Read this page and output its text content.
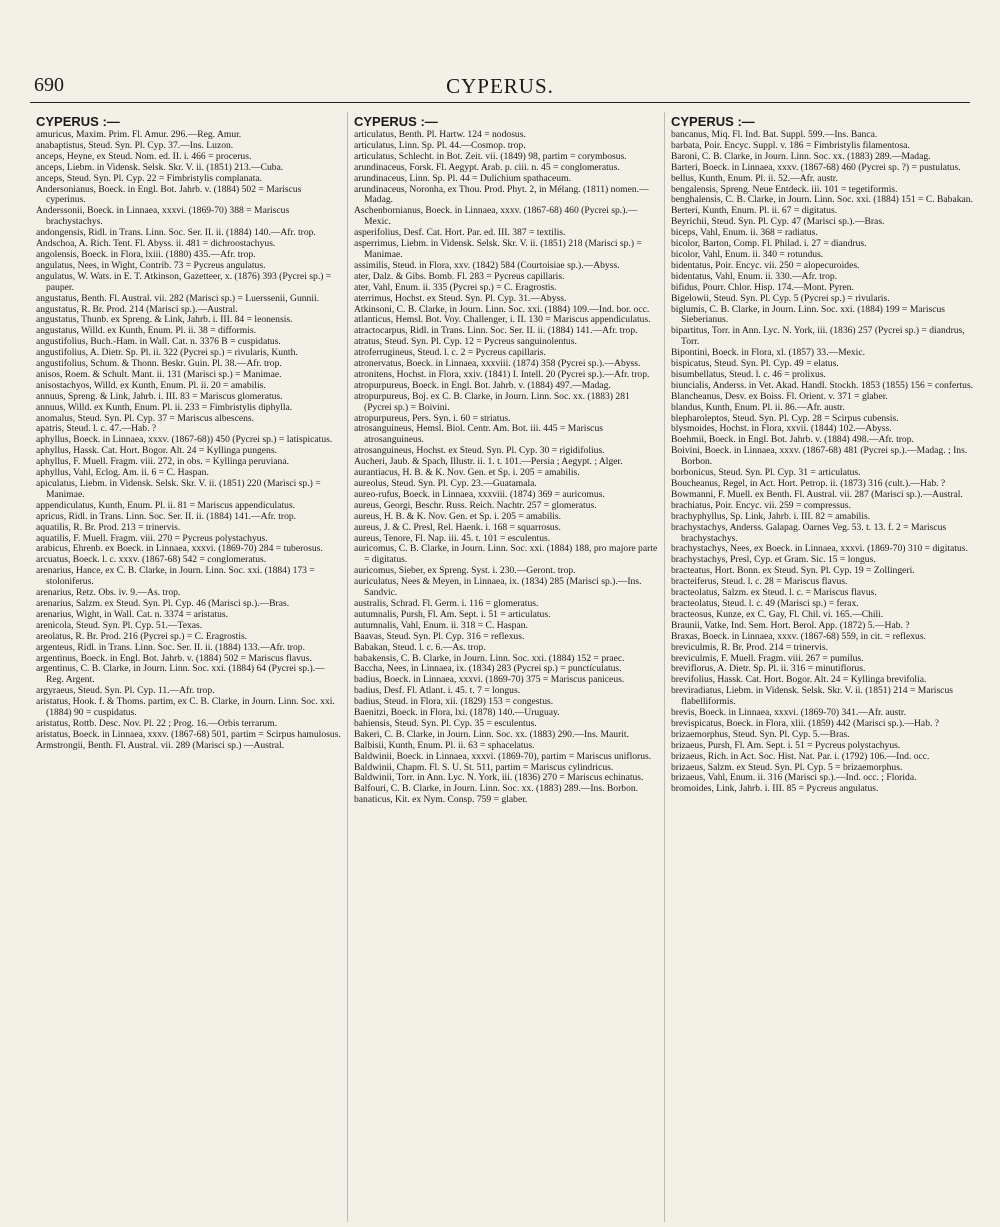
690	CYPERUS.
CYPERUS :—

amuricus, Maxim. Prim. Fl. Amur. 296.—Reg. Amur.

anabaptistus, Steud. Syn. Pl. Cyp. 37.—Ins. Luzon.

anceps, Heyne, ex Steud. Nom. ed. II. i. 466 = procerus.

anceps, Liebm. in Vidensk. Selsk. Skr. V. ii. (1851) 213.—Cuba.

anceps, Steud. Syn. Pl. Cyp. 22 = Fimbristylis complanata.

Andersonianus, Boeck. in Engl. Bot. Jahrb. v. (1884) 502 = Mariscus cyperinus.

Anderssonii, Boeck. in Linnaea, xxxvi. (1869-70) 388 = Mariscus brachystachys.

andongensis, Ridl. in Trans. Linn. Soc. Ser. II. ii. (1884) 140.—Afr. trop.

Andschoa, A. Rich. Tent. Fl. Abyss. ii. 481 = dichroostachyus.

angolensis, Boeck. in Flora, lxiii. (1880) 435.—Afr. trop.

angulatus, Nees, in Wight, Contrib. 73 = Pycreus angulatus.

angulatus, W. Wats. in E. T. Atkinson, Gazetteer, x. (1876) 393 (Pycrei sp.) = pauper.

angustatus, Benth. Fl. Austral. vii. 282 (Marisci sp.) = Luerssenii, Gunnii.

angustatus, R. Br. Prod. 214 (Marisci sp.).—Austral.

angustatus, Thunb. ex Spreng. & Link, Jahrb. i. III. 84 = leonensis.

angustatus, Willd. ex Kunth, Enum. Pl. ii. 38 = difformis.

angustifolius, Buch.-Ham. in Wall. Cat. n. 3376 B = cuspidatus.

angustifolius, A. Dietr. Sp. Pl. ii. 322 (Pycrei sp.) = rivularis, Kunth.

angustifolius, Schum. & Thonn. Beskr. Guin. Pl. 38.—Afr. trop.

anisos, Roem. & Schult. Mant. ii. 131 (Marisci sp.) = Manimae.

anisostachyos, Willd. ex Kunth, Enum. Pl. ii. 20 = amabilis.

annuus, Spreng. & Link, Jahrb. i. III. 83 = Mariscus glomeratus.

annuus, Willd. ex Kunth, Enum. Pl. ii. 233 = Fimbristylis diphylla.

anomalus, Steud. Syn. Pl. Cyp. 37 = Mariscus albescens.

apatris, Steud. l. c. 47.—Hab. ?

aphyllus, Boeck. in Linnaea, xxxv. (1867-68)) 450 (Pycrei sp.) = latispicatus.

aphyllus, Hassk. Cat. Hort. Bogor. Alt. 24 = Kyllinga pungens.

aphyllus, F. Muell. Fragm. viii. 272, in obs. = Kyllinga peruviana.

aphyllus, Vahl, Eclog. Am. ii. 6 = C. Haspan.

apiculatus, Liebm. in Vidensk. Selsk. Skr. V. ii. (1851) 220 (Marisci sp.) = Manimae.

appendiculatus, Kunth, Enum. Pl. ii. 81 = Mariscus appendiculatus.

apricus, Ridl. in Trans. Linn. Soc. Ser. II. ii. (1884) 141.—Afr. trop.

aquatilis, R. Br. Prod. 213 = trinervis.

aquatilis, F. Muell. Fragm. viii. 270 = Pycreus polystachyus.

arabicus, Ehrenb. ex Boeck. in Linnaea, xxxvi. (1869-70) 284 = tuberosus.

arcuatus, Boeck. l. c. xxxv. (1867-68) 542 = conglomeratus.

arenarius, Hance, ex C. B. Clarke, in Journ. Linn. Soc. xxi. (1884) 173 = stoloniferus.

arenarius, Retz. Obs. iv. 9.—As. trop.

arenarius, Salzm. ex Steud. Syn. Pl. Cyp. 46 (Marisci sp.).—Bras.

arenarius, Wight, in Wall. Cat. n. 3374 = aristatus.

arenicola, Steud. Syn. Pl. Cyp. 51.—Texas.

areolatus, R. Br. Prod. 216 (Pycrei sp.) = C. Eragrostis.

argenteus, Ridl. in Trans. Linn. Soc. Ser. II. ii. (1884) 133.—Afr. trop.

argentinus, Boeck. in Engl. Bot. Jahrb. v. (1884) 502 = Mariscus flavus.

argentinus, C. B. Clarke, in Journ. Linn. Soc. xxi. (1884) 64 (Pycrei sp.).—Reg. Argent.

argyraeus, Steud. Syn. Pl. Cyp. 11.—Afr. trop.

aristatus, Hook. f. & Thoms. partim, ex C. B. Clarke, in Journ. Linn. Soc. xxi. (1884) 90 = cuspidatus.

aristatus, Rottb. Desc. Nov. Pl. 22 ; Prog. 16.—Orbis terrarum.

aristatus, Boeck. in Linnaea, xxxv. (1867-68) 501, partim = Scirpus hamulosus.

Armstrongii, Benth. Fl. Austral. vii. 289 (Marisci sp.) —Austral.

CYPERUS :—

articulatus, Benth. Pl. Hartw. 124 = nodosus.

articulatus, Linn. Sp. Pl. 44.—Cosmop. trop.

articulatus, Schlecht. in Bot. Zeit. vii. (1849) 98, partim = corymbosus.

arundinaceus, Forsk. Fl. Aegypt. Arab. p. ciii. n. 45 = conglomeratus.

arundinaceus, Linn. Sp. Pl. 44 = Dulichium spathaceum.

arundinaceus, Noronha, ex Thou. Prod. Phyt. 2, in Mélang. (1811) nomen.—Madag.

Aschenbornianus, Boeck. in Linnaea, xxxv. (1867-68) 460 (Pycrei sp.).—Mexic.

asperifolius, Desf. Cat. Hort. Par. ed. III. 387 = textilis.

asperrimus, Liebm. in Vidensk. Selsk. Skr. V. ii. (1851) 218 (Marisci sp.) = Manimae.

assimilis, Steud. in Flora, xxv. (1842) 584 (Courtoisiae sp.).—Abyss.

ater, Dalz. & Gibs. Bomb. Fl. 283 = Pycreus capillaris.

ater, Vahl, Enum. ii. 335 (Pycrei sp.) = C. Eragrostis.

aterrimus, Hochst. ex Steud. Syn. Pl. Cyp. 31.—Abyss.

Atkinsoni, C. B. Clarke, in Journ. Linn. Soc. xxi. (1884) 109.—Ind. bor. occ.

atlanticus, Hemsl. Bot. Voy. Challenger, i. II. 130 = Mariscus appendiculatus.

atractocarpus, Ridl. in Trans. Linn. Soc. Ser. II. ii. (1884) 141.—Afr. trop.

atratus, Steud. Syn. Pl. Cyp. 12 = Pycreus sanguinolentus.

atroferrugineus, Steud. l. c. 2 = Pycreus capillaris.

atronervatus, Boeck. in Linnaea, xxxviii. (1874) 358 (Pycrei sp.).—Abyss.

atronitens, Hochst. in Flora, xxiv. (1841) I. Intell. 20 (Pycrei sp.).—Afr. trop.

atropurpureus, Boeck. in Engl. Bot. Jahrb. v. (1884) 497.—Madag.

atropurpureus, Boj. ex C. B. Clarke, in Journ. Linn. Soc. xx. (1883) 281 (Pycrei sp.) = Boivini.

atropurpureus, Pers. Syn. i. 60 = striatus.

atrosanguineus, Hemsl. Biol. Centr. Am. Bot. iii. 445 = Mariscus atrosanguineus.

atrosanguineus, Hochst. ex Steud. Syn. Pl. Cyp. 30 = rigidifolius.

Aucheri, Jaub. & Spach, Illustr. ii. 1. t. 101.—Persia ; Aegypt. ; Alger.

aurantiacus, H. B. & K. Nov. Gen. et Sp. i. 205 = amabilis.

aureolus, Steud. Syn. Pl. Cyp. 23.—Guatamala.

aureo-rufus, Boeck. in Linnaea, xxxviii. (1874) 369 = auricomus.

aureus, Georgi, Beschr. Russ. Reich. Nachtr. 257 = glomeratus.

aureus, H. B. & K. Nov. Gen. et Sp. i. 205 = amabilis.

aureus, J. & C. Presl, Rel. Haenk. i. 168 = squarrosus.

aureus, Tenore, Fl. Nap. iii. 45. t. 101 = esculentus.

auricomus, C. B. Clarke, in Journ. Linn. Soc. xxi. (1884) 188, pro majore parte = digitatus.

auricomus, Sieber, ex Spreng. Syst. i. 230.—Geront. trop.

auriculatus, Nees & Meyen, in Linnaea, ix. (1834) 285 (Marisci sp.).—Ins. Sandvic.

australis, Schrad. Fl. Germ. i. 116 = glomeratus.

autumnalis, Pursh, Fl. Am. Sept. i. 51 = articulatus.

autumnalis, Vahl, Enum. ii. 318 = C. Haspan.

Baavas, Steud. Syn. Pl. Cyp. 316 = reflexus.

Babakan, Steud. l. c. 6.—As. trop.

babakensis, C. B. Clarke, in Journ. Linn. Soc. xxi. (1884) 152 = praec.

Baccha, Nees, in Linnaea, ix. (1834) 283 (Pycrei sp.) = punctículatus.

badius, Boeck. in Linnaea, xxxvi. (1869-70) 375 = Mariscus paniceus.

badius, Desf. Fl. Atlant. i. 45. t. 7 = longus.

badius, Steud. in Flora, xii. (1829) 153 = congestus.

Baenitzi, Boeck. in Flora, lxi. (1878) 140.—Uruguay.

bahiensis, Steud. Syn. Pl. Cyp. 35 = esculentus.

Bakeri, C. B. Clarke, in Journ. Linn. Soc. xx. (1883) 290.—Ins. Maurit.

Balbisii, Kunth, Enum. Pl. ii. 63 = sphacelatus.

Baldwinii, Boeck. in Linnaea, xxxvi. (1869-70), partim = Mariscus uniflorus.

Baldwinii, Chapm. Fl. S. U. St. 511, partim = Mariscus cylindricus.

Baldwinii, Torr. in Ann. Lyc. N. York, iii. (1836) 270 = Mariscus echinatus.

Balfouri, C. B. Clarke, in Journ. Linn. Soc. xx. (1883) 289.—Ins. Borbon.

banaticus, Kit. ex Nym. Consp. 759 = glaber.

CYPERUS :—

bancanus, Miq. Fl. Ind. Bat. Suppl. 599.—Ins. Banca.

barbata, Poir. Encyc. Suppl. v. 186 = Fimbristylis filamentosa.

Baroni, C. B. Clarke, in Journ. Linn. Soc. xx. (1883) 289.—Madag.

Barteri, Boeck. in Linnaea, xxxv. (1867-68) 460 (Pycrei sp. ?) = pustulatus.

bellus, Kunth, Enum. Pl. ii. 52.—Afr. austr.

bengalensis, Spreng. Neue Entdeck. iii. 101 = tegetiformis.

benghalensis, C. B. Clarke, in Journ. Linn. Soc. xxi. (1884) 151 = C. Babakan.

Berteri, Kunth, Enum. Pl. ii. 67 = digitatus.

Beyrichii, Steud. Syn. Pl. Cyp. 47 (Marisci sp.).—Bras.

biceps, Vahl, Enum. ii. 368 = radiatus.

bicolor, Barton, Comp. Fl. Philad. i. 27 = diandrus.

bicolor, Vahl, Enum. ii. 340 = rotundus.

bidentatus, Poir. Encyc. vii. 250 = alopecuroides.

bidentatus, Vahl, Enum. ii. 330.—Afr. trop.

bifidus, Pourr. Chlor. Hisp. 174.—Mont. Pyren.

Bigelowii, Steud. Syn. Pl. Cyp. 5 (Pycrei sp.) = rivularis.

biglumis, C. B. Clarke, in Journ. Linn. Soc. xxi. (1884) 199 = Mariscus Sieberianus.

bipartitus, Torr. in Ann. Lyc. N. York, iii. (1836) 257 (Pycrei sp.) = diandrus, Torr.

Bipontini, Boeck. in Flora, xl. (1857) 33.—Mexic.

bispicatus, Steud. Syn. Pl. Cyp. 49 = elatus.

bisumbellatus, Steud. l. c. 46 = prolixus.

biuncialis, Anderss. in Vet. Akad. Handl. Stockh. 1853 (1855) 156 = confertus.

Blancheanus, Desv. ex Boiss. Fl. Orient. v. 371 = glaber.

blandus, Kunth, Enum. Pl. ii. 86.—Afr. austr.

blepharoleptos, Steud. Syn. Pl. Cyp. 28 = Scirpus cubensis.

blysmoides, Hochst. in Flora, xxvii. (1844) 102.—Abyss.

Boehmii, Boeck. in Engl. Bot. Jahrb. v. (1884) 498.—Afr. trop.

Boivini, Boeck. in Linnaea, xxxv. (1867-68) 481 (Pycrei sp.).—Madag. ; Ins. Borbon.

borbonicus, Steud. Syn. Pl. Cyp. 31 = articulatus.

Boucheanus, Regel, in Act. Hort. Petrop. ii. (1873) 316 (cult.).—Hab. ?

Bowmanni, F. Muell. ex Benth. Fl. Austral. vii. 287 (Marisci sp.).—Austral.

brachiatus, Poir. Encyc. vii. 259 = compressus.

brachyphyllus, Sp. Link, Jahrb. i. III. 82 = amabilis.

brachystachys, Anderss. Galapag. Oarnes Veg. 53. t. 13. f. 2 = Mariscus brachystachys.

brachystachys, Nees, ex Boeck. in Linnaea, xxxvi. (1869-70) 310 = digitatus.

brachystachys, Presl, Cyp. et Gram. Sic. 15 = longus.

bracteatus, Hort. Bonn. ex Steud. Syn. Pl. Cyp. 19 = Zollingeri.

bracteiferus, Steud. l. c. 28 = Mariscus flavus.

bracteolatus, Salzm. ex Steud. l. c. = Mariscus flavus.

bracteolatus, Steud. l. c. 49 (Marisci sp.) = ferax.

bracteosus, Kunze, ex C. Gay, Fl. Chil. vi. 165.—Chili.

Braunii, Vatke, Ind. Sem. Hort. Berol. App. (1872) 5.—Hab. ?

Braxas, Boeck. in Linnaea, xxxv. (1867-68) 559, in cit. = reflexus.

breviculmis, R. Br. Prod. 214 = trinervis.

breviculmis, F. Muell. Fragm. viii. 267 = pumilus.

breviflorus, A. Dietr. Sp. Pl. ii. 316 = minutiflorus.

brevifolius, Hassk. Cat. Hort. Bogor. Alt. 24 = Kyllinga brevifolia.

breviradiatus, Liebm. in Vidensk. Selsk. Skr. V. ii. (1851) 214 = Mariscus flabelliformis.

brevis, Boeck. in Linnaea, xxxvi. (1869-70) 341.—Afr. austr.

brevispicatus, Boeck. in Flora, xlii. (1859) 442 (Marisci sp.).—Hab. ?

brizaemorphus, Steud. Syn. Pl. Cyp. 5.—Bras.

brizaeus, Pursh, Fl. Am. Sept. i. 51 = Pycreus polystachyus.

brizaeus, Rich. in Act. Soc. Hist. Nat. Par. i. (1792) 106.—Ind. occ.

brizaeus, Salzm. ex Steud. Syn. Pl. Cyp. 5 = brizaemorphus.

brizaeus, Vahl, Enum. ii. 316 (Marisci sp.).—Ind. occ. ; Florida.

bromoides, Link, Jahrb. i. III. 85 = Pycreus angulatus.
